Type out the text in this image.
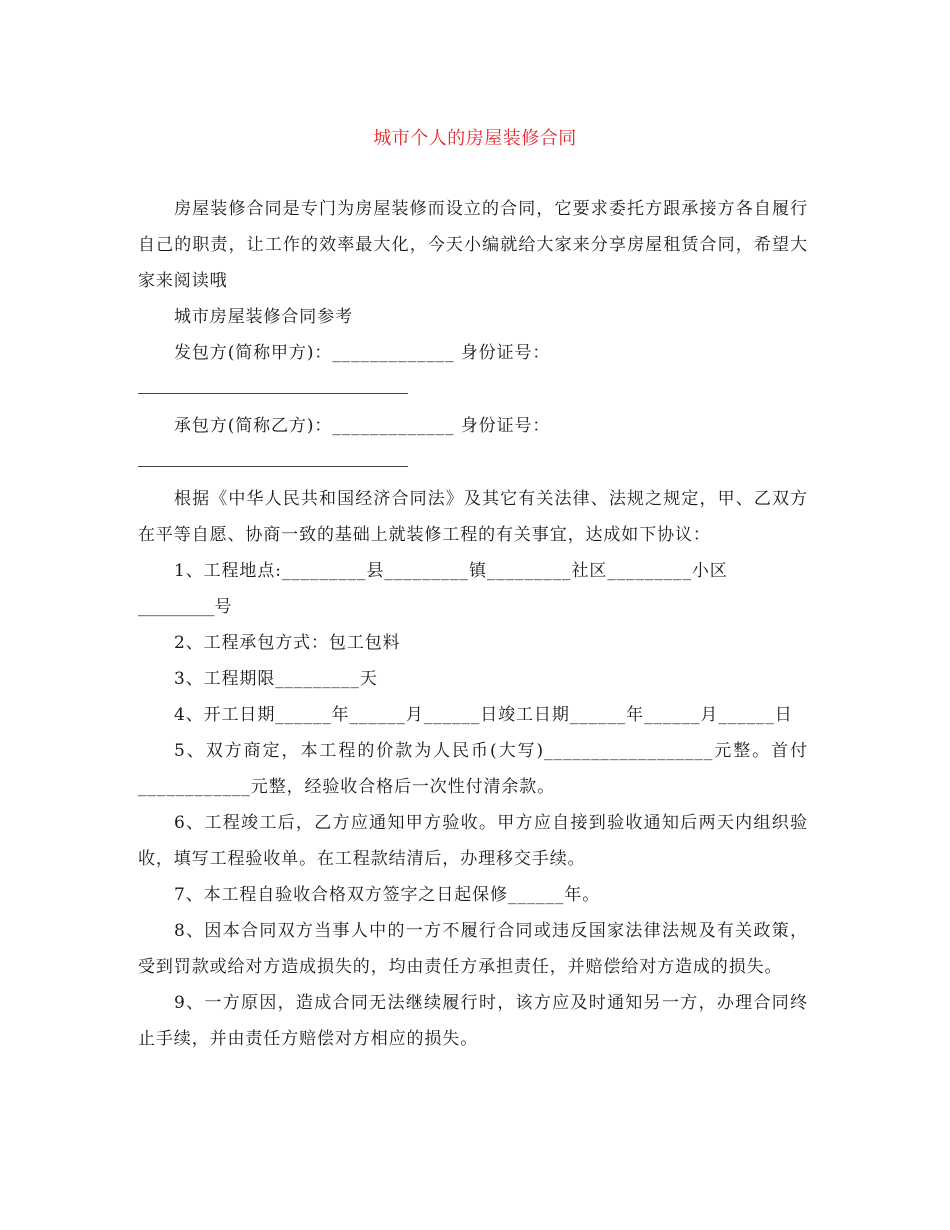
城市个人的房屋装修合同

房屋装修合同是专门为房屋装修而设立的合同，它要求委托方跟承接方各自履行自己的职责，让工作的效率最大化，今天小编就给大家来分享房屋租赁合同，希望大家来阅读哦

城市房屋装修合同参考

发包方(简称甲方)：_____________ 身份证号：

承包方(简称乙方)：_____________ 身份证号：

根据《中华人民共和国经济合同法》及其它有关法律、法规之规定，甲、乙双方在平等自愿、协商一致的基础上就装修工程的有关事宜，达成如下协议：

1、工程地点:_________县_________镇_________社区_________小区

_________号

2、工程承包方式：包工包料

3、工程期限_________天

4、开工日期______年______月______日竣工日期______年______月______日

5、双方商定，本工程的价款为人民币(大写)__________________元整。首付____________元整，经验收合格后一次性付清余款。

6、工程竣工后，乙方应通知甲方验收。甲方应自接到验收通知后两天内组织验收，填写工程验收单。在工程款结清后，办理移交手续。

7、本工程自验收合格双方签字之日起保修______年。

8、因本合同双方当事人中的一方不履行合同或违反国家法律法规及有关政策，受到罚款或给对方造成损失的，均由责任方承担责任，并赔偿给对方造成的损失。

9、一方原因，造成合同无法继续履行时，该方应及时通知另一方，办理合同终止手续，并由责任方赔偿对方相应的损失。
